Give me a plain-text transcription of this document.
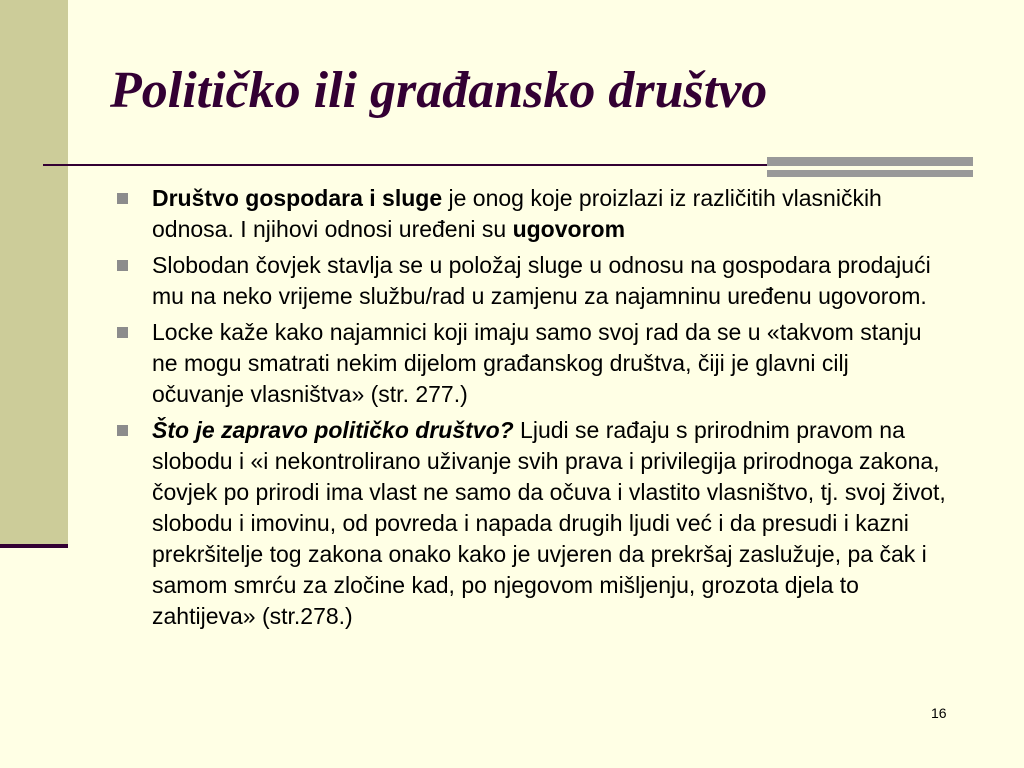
Političko ili građansko društvo
Društvo gospodara i sluge je onog koje proizlazi iz različitih vlasničkih odnosa. I njihovi odnosi uređeni su ugovorom
Slobodan čovjek stavlja se u položaj sluge u odnosu na gospodara prodajući mu na neko vrijeme službu/rad u zamjenu za najamninu uređenu ugovorom.
Locke kaže kako najamnici koji imaju samo svoj rad da se u «takvom stanju ne mogu smatrati nekim dijelom građanskog društva, čiji je glavni cilj očuvanje vlasništva» (str. 277.)
Što je zapravo političko društvo? Ljudi se rađaju s prirodnim pravom na slobodu i «i nekontrolirano uživanje svih prava i privilegija prirodnoga zakona, čovjek po prirodi ima vlast ne samo da očuva i vlastito vlasništvo, tj. svoj život, slobodu i imovinu, od povreda i napada drugih ljudi već i da presudi i kazni prekršitelje tog zakona onako kako je uvjeren da prekršaj zaslužuje, pa čak i samom smrću za zločine kad, po njegovom mišljenju, grozota djela to zahtijeva» (str.278.)
16
